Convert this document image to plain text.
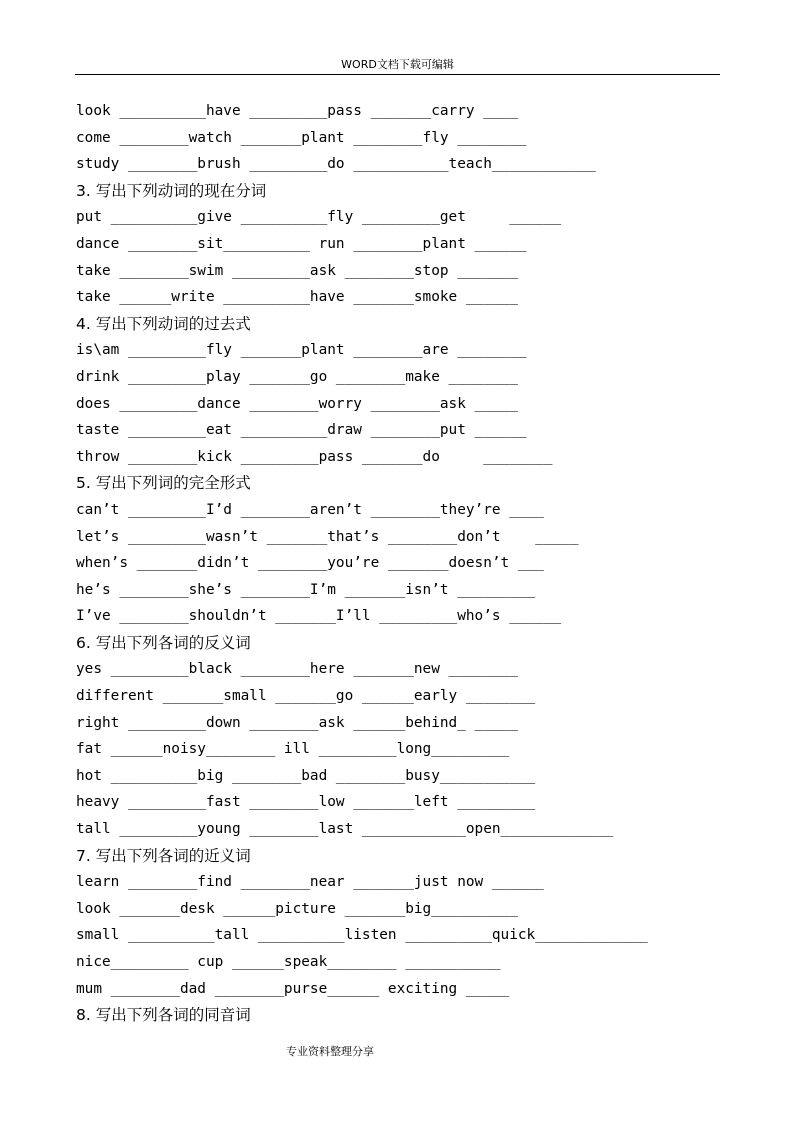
WORD文档下载可编辑
look __________have _________pass _______carry ____
come ________watch _______plant ________fly ________
study ________brush _________do ___________teach____________
3. 写出下列动词的现在分词
put __________give __________fly _________get     ______
dance ________sit__________ run ________plant ______
take ________swim _________ask ________stop _______
take ______write __________have _______smoke ______
4. 写出下列动词的过去式
is\am _________fly _______plant ________are ________
drink _________play _______go ________make ________
does _________dance ________worry ________ask _____
taste _________eat __________draw ________put ______
throw ________kick _________pass _______do     ________
5. 写出下列词的完全形式
can’t _________I’d ________aren’t ________they’re ____
let’s _________wasn’t _______that’s ________don’t    _____
when’s _______didn’t ________you’re _______doesn’t ___
he’s ________she’s ________I’m _______isn’t _________
I’ve ________shouldn’t _______I’ll _________who’s ______
6. 写出下列各词的反义词
yes _________black ________here _______new ________
different _______small _______go ______early ________
right _________down ________ask ______behind_ _____
fat ______noisy________ ill _________long_________
hot __________big ________bad ________busy___________
heavy _________fast ________low _______left _________
tall _________young ________last ____________open_____________
7. 写出下列各词的近义词
learn ________find ________near _______just now ______
look _______desk ______picture _______big__________
small __________tall __________listen __________quick_____________
nice_________ cup ______speak________ ___________
mum ________dad ________purse______ exciting _____
8. 写出下列各词的同音词
专业资料整理分享
